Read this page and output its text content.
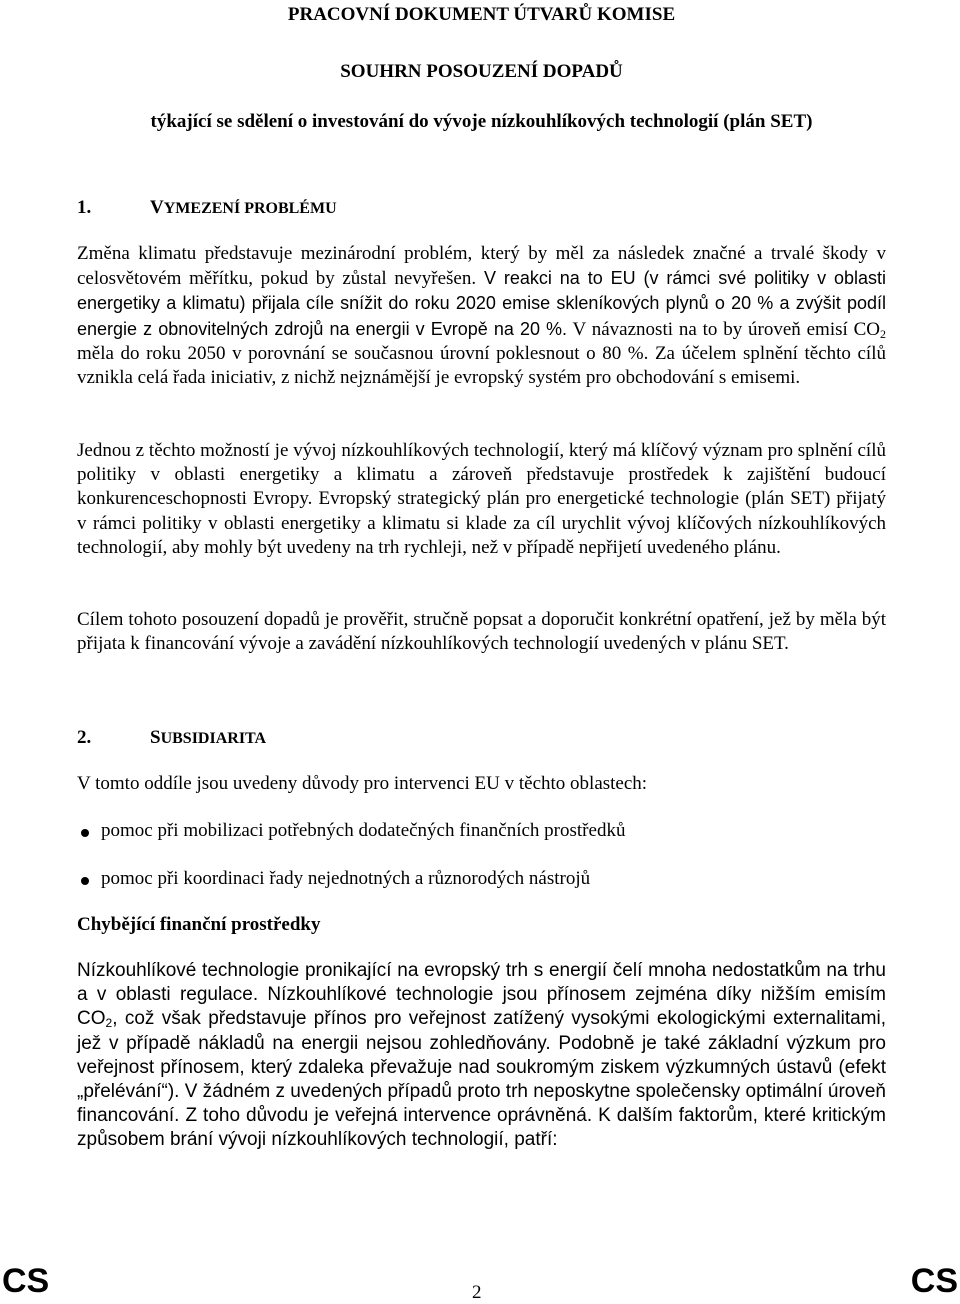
PRACOVNÍ DOKUMENT ÚTVARŮ KOMISE
SOUHRN POSOUZENÍ DOPADŮ
týkající se sdělení o investování do vývoje nízkouhlíkových technologií (plán SET)
1.	VYMEZENÍ PROBLÉMU

Změna klimatu představuje mezinárodní problém, který by měl za následek značné a trvalé škody v celosvětovém měřítku, pokud by zůstal nevyřešen. V reakci na to EU (v rámci své politiky v oblasti energetiky a klimatu) přijala cíle snížit do roku 2020 emise skleníkových plynů o 20 % a zvýšit podíl energie z obnovitelných zdrojů na energii v Evropě na 20 %. V návaznosti na to by úroveň emisí $CO_2$ měla do roku 2050 v porovnání se současnou úrovní poklesnout o 80 %. Za účelem splnění těchto cílů vznikla celá řada iniciativ, z nichž nejznámější je evropský systém pro obchodování s emisemi.

Jednou z těchto možností je vývoj nízkouhlíkových technologií, který má klíčový význam pro splnění cílů politiky v oblasti energetiky a klimatu a zároveň představuje prostředek k zajištění budoucí konkurenceschopnosti Evropy. Evropský strategický plán pro energetické technologie (plán SET) přijatý v rámci politiky v oblasti energetiky a klimatu si klade za cíl urychlit vývoj klíčových nízkouhlíkových technologií, aby mohly být uvedeny na trh rychleji, než v případě nepřijetí uvedeného plánu.

Cílem tohoto posouzení dopadů je prověřit, stručně popsat a doporučit konkrétní opatření, jež by měla být přijata k financování vývoje a zavádění nízkouhlíkových technologií uvedených v plánu SET.

2.	SUBSIDIARITA

V tomto oddíle jsou uvedeny důvody pro intervenci EU v těchto oblastech:

pomoc při mobilizaci potřebných dodatečných finančních prostředků
pomoc při koordinaci řady nejednotných a různorodých nástrojů
Chybějící finanční prostředky

Nízkouhlíkové technologie pronikající na evropský trh s energií čelí mnoha nedostatkům na trhu a v oblasti regulace. Nízkouhlíkové technologie jsou přínosem zejména díky nižším emisím $CO_2$, což však představuje přínos pro veřejnost zatížený vysokými ekologickými externalitami, jež v případě nákladů na energii nejsou zohledňovány. Podobně je také základní výzkum pro veřejnost přínosem, který zdaleka převažuje nad soukromým ziskem výzkumných ústavů (efekt „přelévání“). V žádném z uvedených případů proto trh neposkytne společensky optimální úroveň financování. Z toho důvodu je veřejná intervence oprávněná. K dalším faktorům, které kritickým způsobem brání vývoji nízkouhlíkových technologií, patří:

CS	2	CS
